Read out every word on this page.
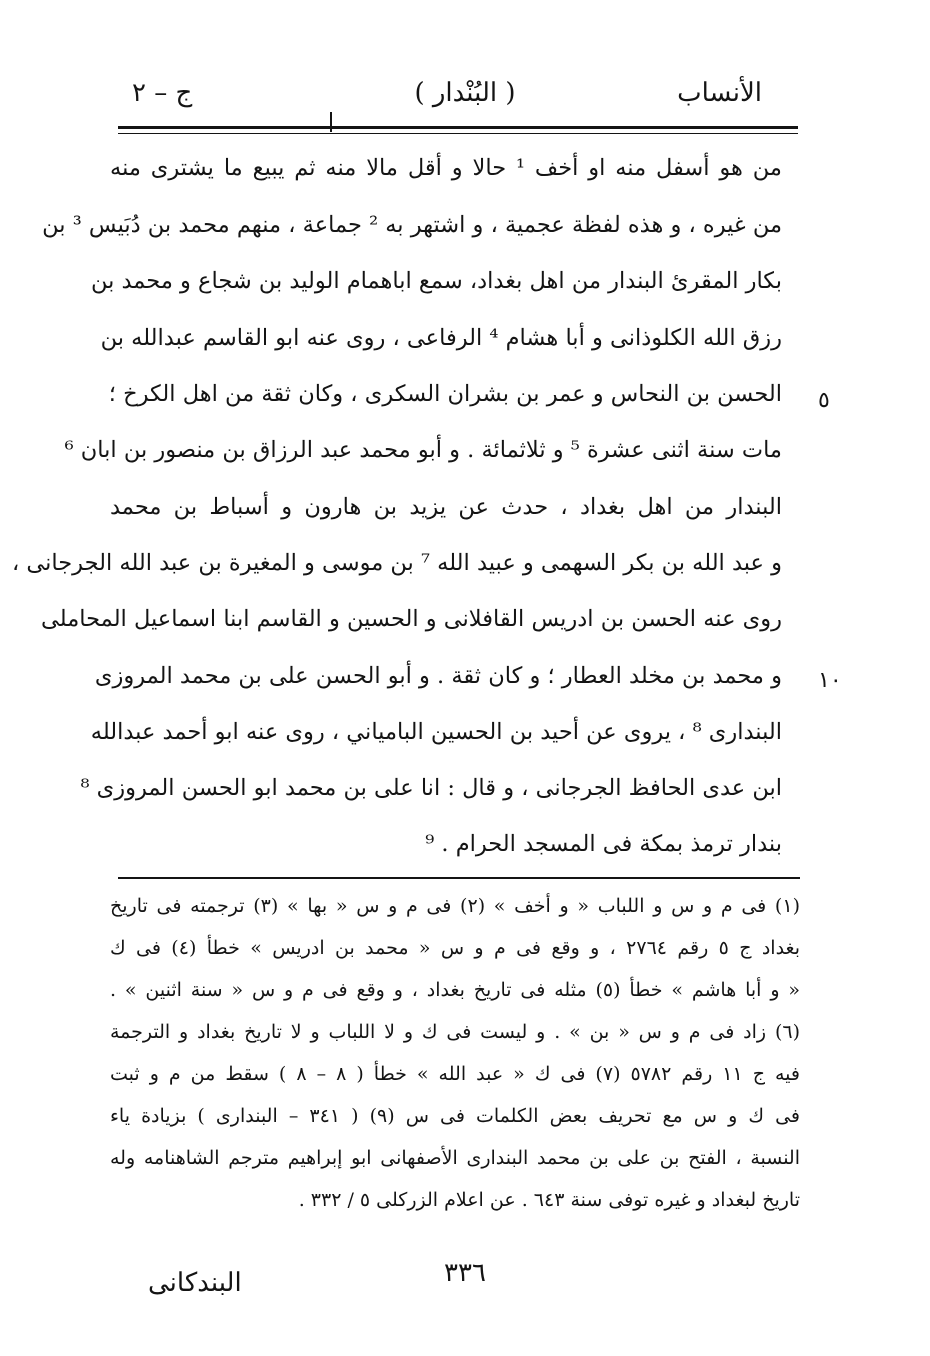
الأنساب
( البُنْدار )
ج – ٢
من هو أسفل منه او أخف ¹ حالا و أقل مالا منه ثم يبيع ما يشترى منه
من غيره ، و هذه لفظة عجمية ، و اشتهر به ² جماعة ، منهم محمد بن دُبَيس ³ بن
بكار المقرئ البندار من اهل بغداد، سمع اباهمام الوليد بن شجاع و محمد بن
رزق الله الكلوذانى و أبا هشام ⁴ الرفاعى ، روى عنه ابو القاسم عبدالله بن
الحسن بن النحاس و عمر بن بشران السكرى ، وكان ثقة من اهل الكرخ ؛
مات سنة اثنى عشرة ⁵ و ثلاثمائة . و أبو محمد عبد الرزاق بن منصور بن ابان ⁶
البندار من اهل بغداد ، حدث عن يزيد بن هارون و أسباط بن محمد
و عبد الله بن بكر السهمى و عبيد الله ⁷ بن موسى و المغيرة بن عبد الله الجرجانى ،
روى عنه الحسن بن ادريس القافلانى و الحسين و القاسم ابنا اسماعيل المحاملى
و محمد بن مخلد العطار ؛ و كان ثقة . و أبو الحسن على بن محمد المروزى
البندارى ⁸ ، يروى عن أحيد بن الحسين البامياني ، روى عنه ابو أحمد عبدالله
ابن عدى الحافظ الجرجانى ، و قال : انا على بن محمد ابو الحسن المروزى ⁸
بندار ترمذ بمكة فى المسجد الحرام . ⁹
٥
١٠
(١) فى م و س و اللباب « و أخف » (٢) فى م و س « بها » (٣) ترجمته فى تاريخ
بغداد ج ٥ رقم ٢٧٦٤ ، و وقع فى م و س « محمد بن ادريس » خطأ (٤) فى ك
« و أبا هاشم » خطأ (٥) مثله فى تاريخ بغداد ، و وقع فى م و س « سنة اثنين » .
(٦) زاد فى م و س « بن » . و ليست فى ك و لا اللباب و لا تاريخ بغداد و الترجمة
فيه ج ١١ رقم ٥٧٨٢ (٧) فى ك « عبد الله » خطأ ( ٨ – ٨ ) سقط من م و ثبت
فى ك و س مع تحريف بعض الكلمات فى س (٩) ( ٣٤١ – البندارى ) بزيادة ياء
النسبة ، الفتح بن على بن محمد البندارى الأصفهانى ابو إبراهيم مترجم الشاهنامه وله
تاريخ لبغداد و غيره توفى سنة ٦٤٣ . عن اعلام الزركلى ٥ / ٣٣٢ .
٣٣٦
البندكانى
